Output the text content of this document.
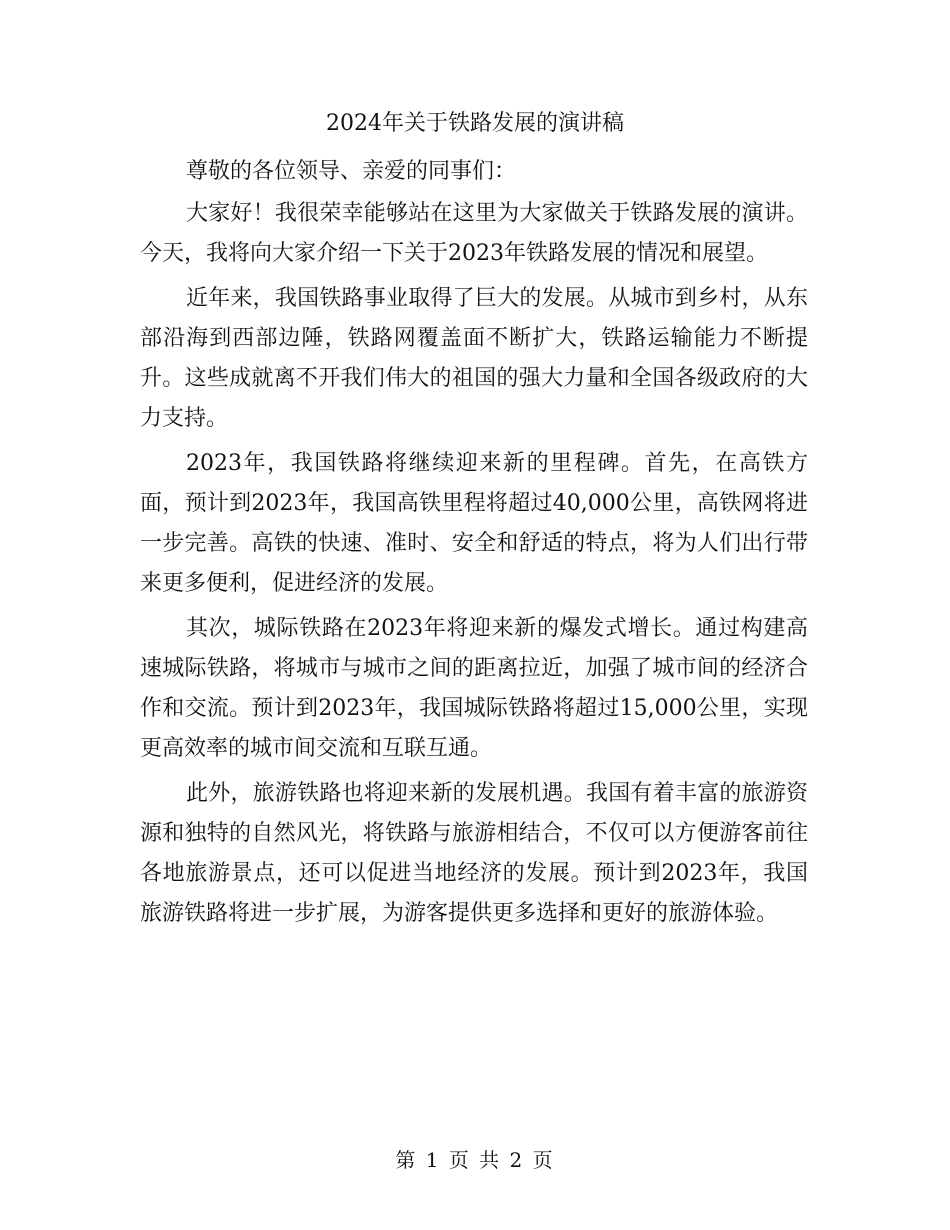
2024年关于铁路发展的演讲稿

尊敬的各位领导、亲爱的同事们：

大家好！我很荣幸能够站在这里为大家做关于铁路发展的演讲。今天，我将向大家介绍一下关于2023年铁路发展的情况和展望。

近年来，我国铁路事业取得了巨大的发展。从城市到乡村，从东部沿海到西部边陲，铁路网覆盖面不断扩大，铁路运输能力不断提升。这些成就离不开我们伟大的祖国的强大力量和全国各级政府的大力支持。

2023年，我国铁路将继续迎来新的里程碑。首先，在高铁方面，预计到2023年，我国高铁里程将超过40,000公里，高铁网将进一步完善。高铁的快速、准时、安全和舒适的特点，将为人们出行带来更多便利，促进经济的发展。

其次，城际铁路在2023年将迎来新的爆发式增长。通过构建高速城际铁路，将城市与城市之间的距离拉近，加强了城市间的经济合作和交流。预计到2023年，我国城际铁路将超过15,000公里，实现更高效率的城市间交流和互联互通。

此外，旅游铁路也将迎来新的发展机遇。我国有着丰富的旅游资源和独特的自然风光，将铁路与旅游相结合，不仅可以方便游客前往各地旅游景点，还可以促进当地经济的发展。预计到2023年，我国旅游铁路将进一步扩展，为游客提供更多选择和更好的旅游体验。

第 1 页 共 2 页
